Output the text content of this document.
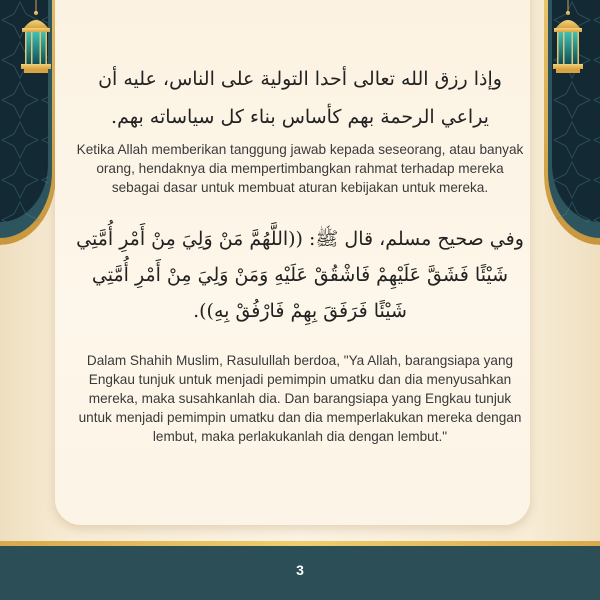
وإذا رزق الله تعالى أحدا التولية على الناس، عليه أن يراعي الرحمة بهم كأساس بناء كل سياساته بهم.

Ketika Allah memberikan tanggung jawab kepada seseorang, atau banyak orang, hendaknya dia mempertimbangkan rahmat terhadap mereka sebagai dasar untuk membuat aturan kebijakan untuk mereka.

وفي صحيح مسلم، قال ﷺ: ((اللَّهُمَّ مَنْ وَلِيَ مِنْ أَمْرِ أُمَّتِي شَيْئًا فَشَقَّ عَلَيْهِمْ فَاشْقُقْ عَلَيْهِ وَمَنْ وَلِيَ مِنْ أَمْرِ أُمَّتِي شَيْئًا فَرَفَقَ بِهِمْ فَارْفُقْ بِهِ)).

Dalam Shahih Muslim, Rasulullah berdoa, "Ya Allah, barangsiapa yang Engkau tunjuk untuk menjadi pemimpin umatku dan dia menyusahkan mereka, maka susahkanlah dia. Dan barangsiapa yang Engkau tunjuk untuk menjadi pemimpin umatku dan dia memperlakukan mereka dengan lembut, maka perlakukanlah dia dengan lembut."

3
